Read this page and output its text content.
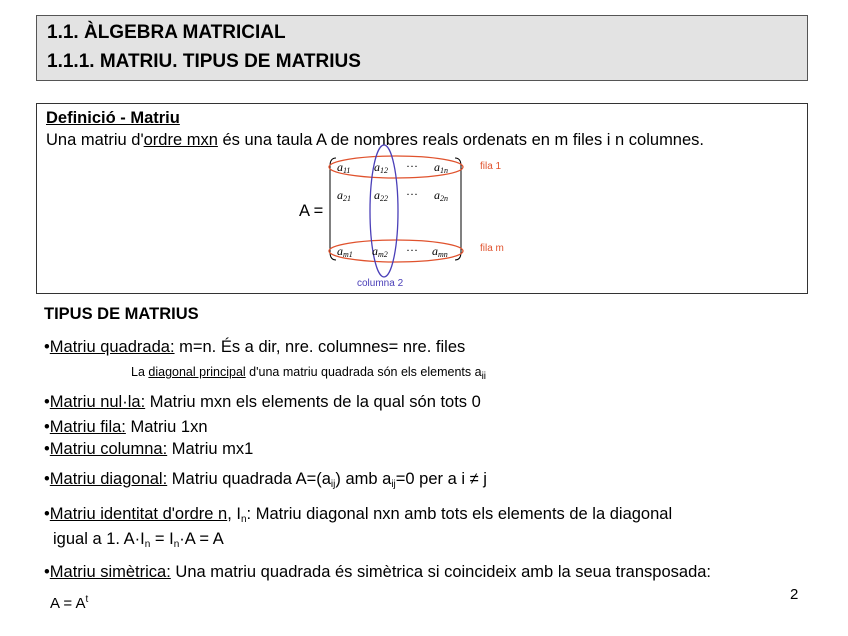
1.1. ÀLGEBRA MATRICIAL
1.1.1. MATRIU. TIPUS DE MATRIUS
Definició - Matriu
Una matriu d'ordre mxn és una taula A de nombres reals ordenats en m files i n columnes.
A =
$a_{11}$ $a_{12}$ ··· $a_{1n}$
$a_{21}$ $a_{22}$ ··· $a_{2n}$
$a_{m1}$ $a_{m2}$ ··· $a_{mn}$
fila 1
fila m
columna 2
TIPUS DE MATRIUS
•Matriu quadrada: m=n. És a dir, nre. columnes= nre. files
La diagonal principal d'una matriu quadrada són els elements $a_{ii}$
•Matriu nul·la: Matriu mxn els elements de la qual són tots 0
•Matriu fila: Matriu 1xn
•Matriu columna: Matriu mx1
•Matriu diagonal: Matriu quadrada $A=(a_{ij})$ amb $a_{ij}=0$ per a i ≠ j
•Matriu identitat d'ordre n, $I_n$: Matriu diagonal nxn amb tots els elements de la diagonal
igual a 1. $A\cdot I_n = I_n\cdot A = A$
•Matriu simètrica: Una matriu quadrada és simètrica si coincideix amb la seua transposada:
$A = A^t$	2
